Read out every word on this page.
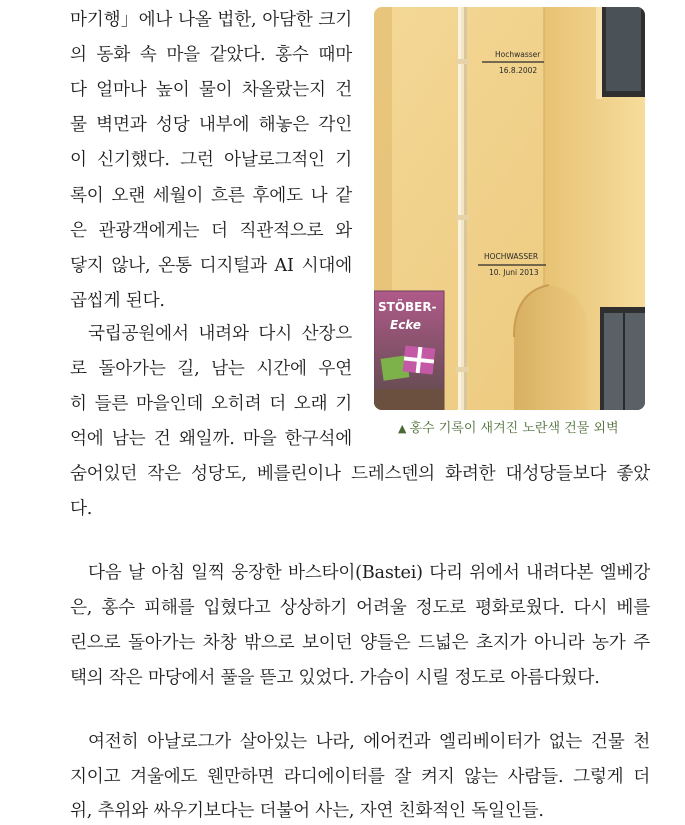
마기행」에나 나올 법한, 아담한 크기
의 동화 속 마을 같았다. 홍수 때마
다 얼마나 높이 물이 차올랐는지 건
물 벽면과 성당 내부에 해놓은 각인
이 신기했다. 그런 아날로그적인 기
록이 오랜 세월이 흐른 후에도 나 같
은 관광객에게는 더 직관적으로 와
닿지 않나, 온통 디지털과 AI 시대에
곱씹게 된다.
국립공원에서 내려와 다시 산장으
로 돌아가는 길, 남는 시간에 우연
히 들른 마을인데 오히려 더 오래 기
억에 남는 건 왜일까. 마을 한구석에
숨어있던 작은 성당도, 베를린이나 드레스덴의 화려한 대성당들보다 좋았
다.
다음 날 아침 일찍 웅장한 바스타이(Bastei) 다리 위에서 내려다본 엘베강
은, 홍수 피해를 입혔다고 상상하기 어려울 정도로 평화로웠다. 다시 베를
린으로 돌아가는 차창 밖으로 보이던 양들은 드넓은 초지가 아니라 농가 주
택의 작은 마당에서 풀을 뜯고 있었다. 가슴이 시릴 정도로 아름다웠다.
여전히 아날로그가 살아있는 나라, 에어컨과 엘리베이터가 없는 건물 천
지이고 겨울에도 웬만하면 라디에이터를 잘 켜지 않는 사람들. 그렇게 더
위, 추위와 싸우기보다는 더불어 사는, 자연 친화적인 독일인들.
Hochwasser
16.8.2002
HOCHWASSER
10. Juni 2013
STÖBER-
Ecke
▲ 홍수 기록이 새겨진 노란색 건물 외벽
